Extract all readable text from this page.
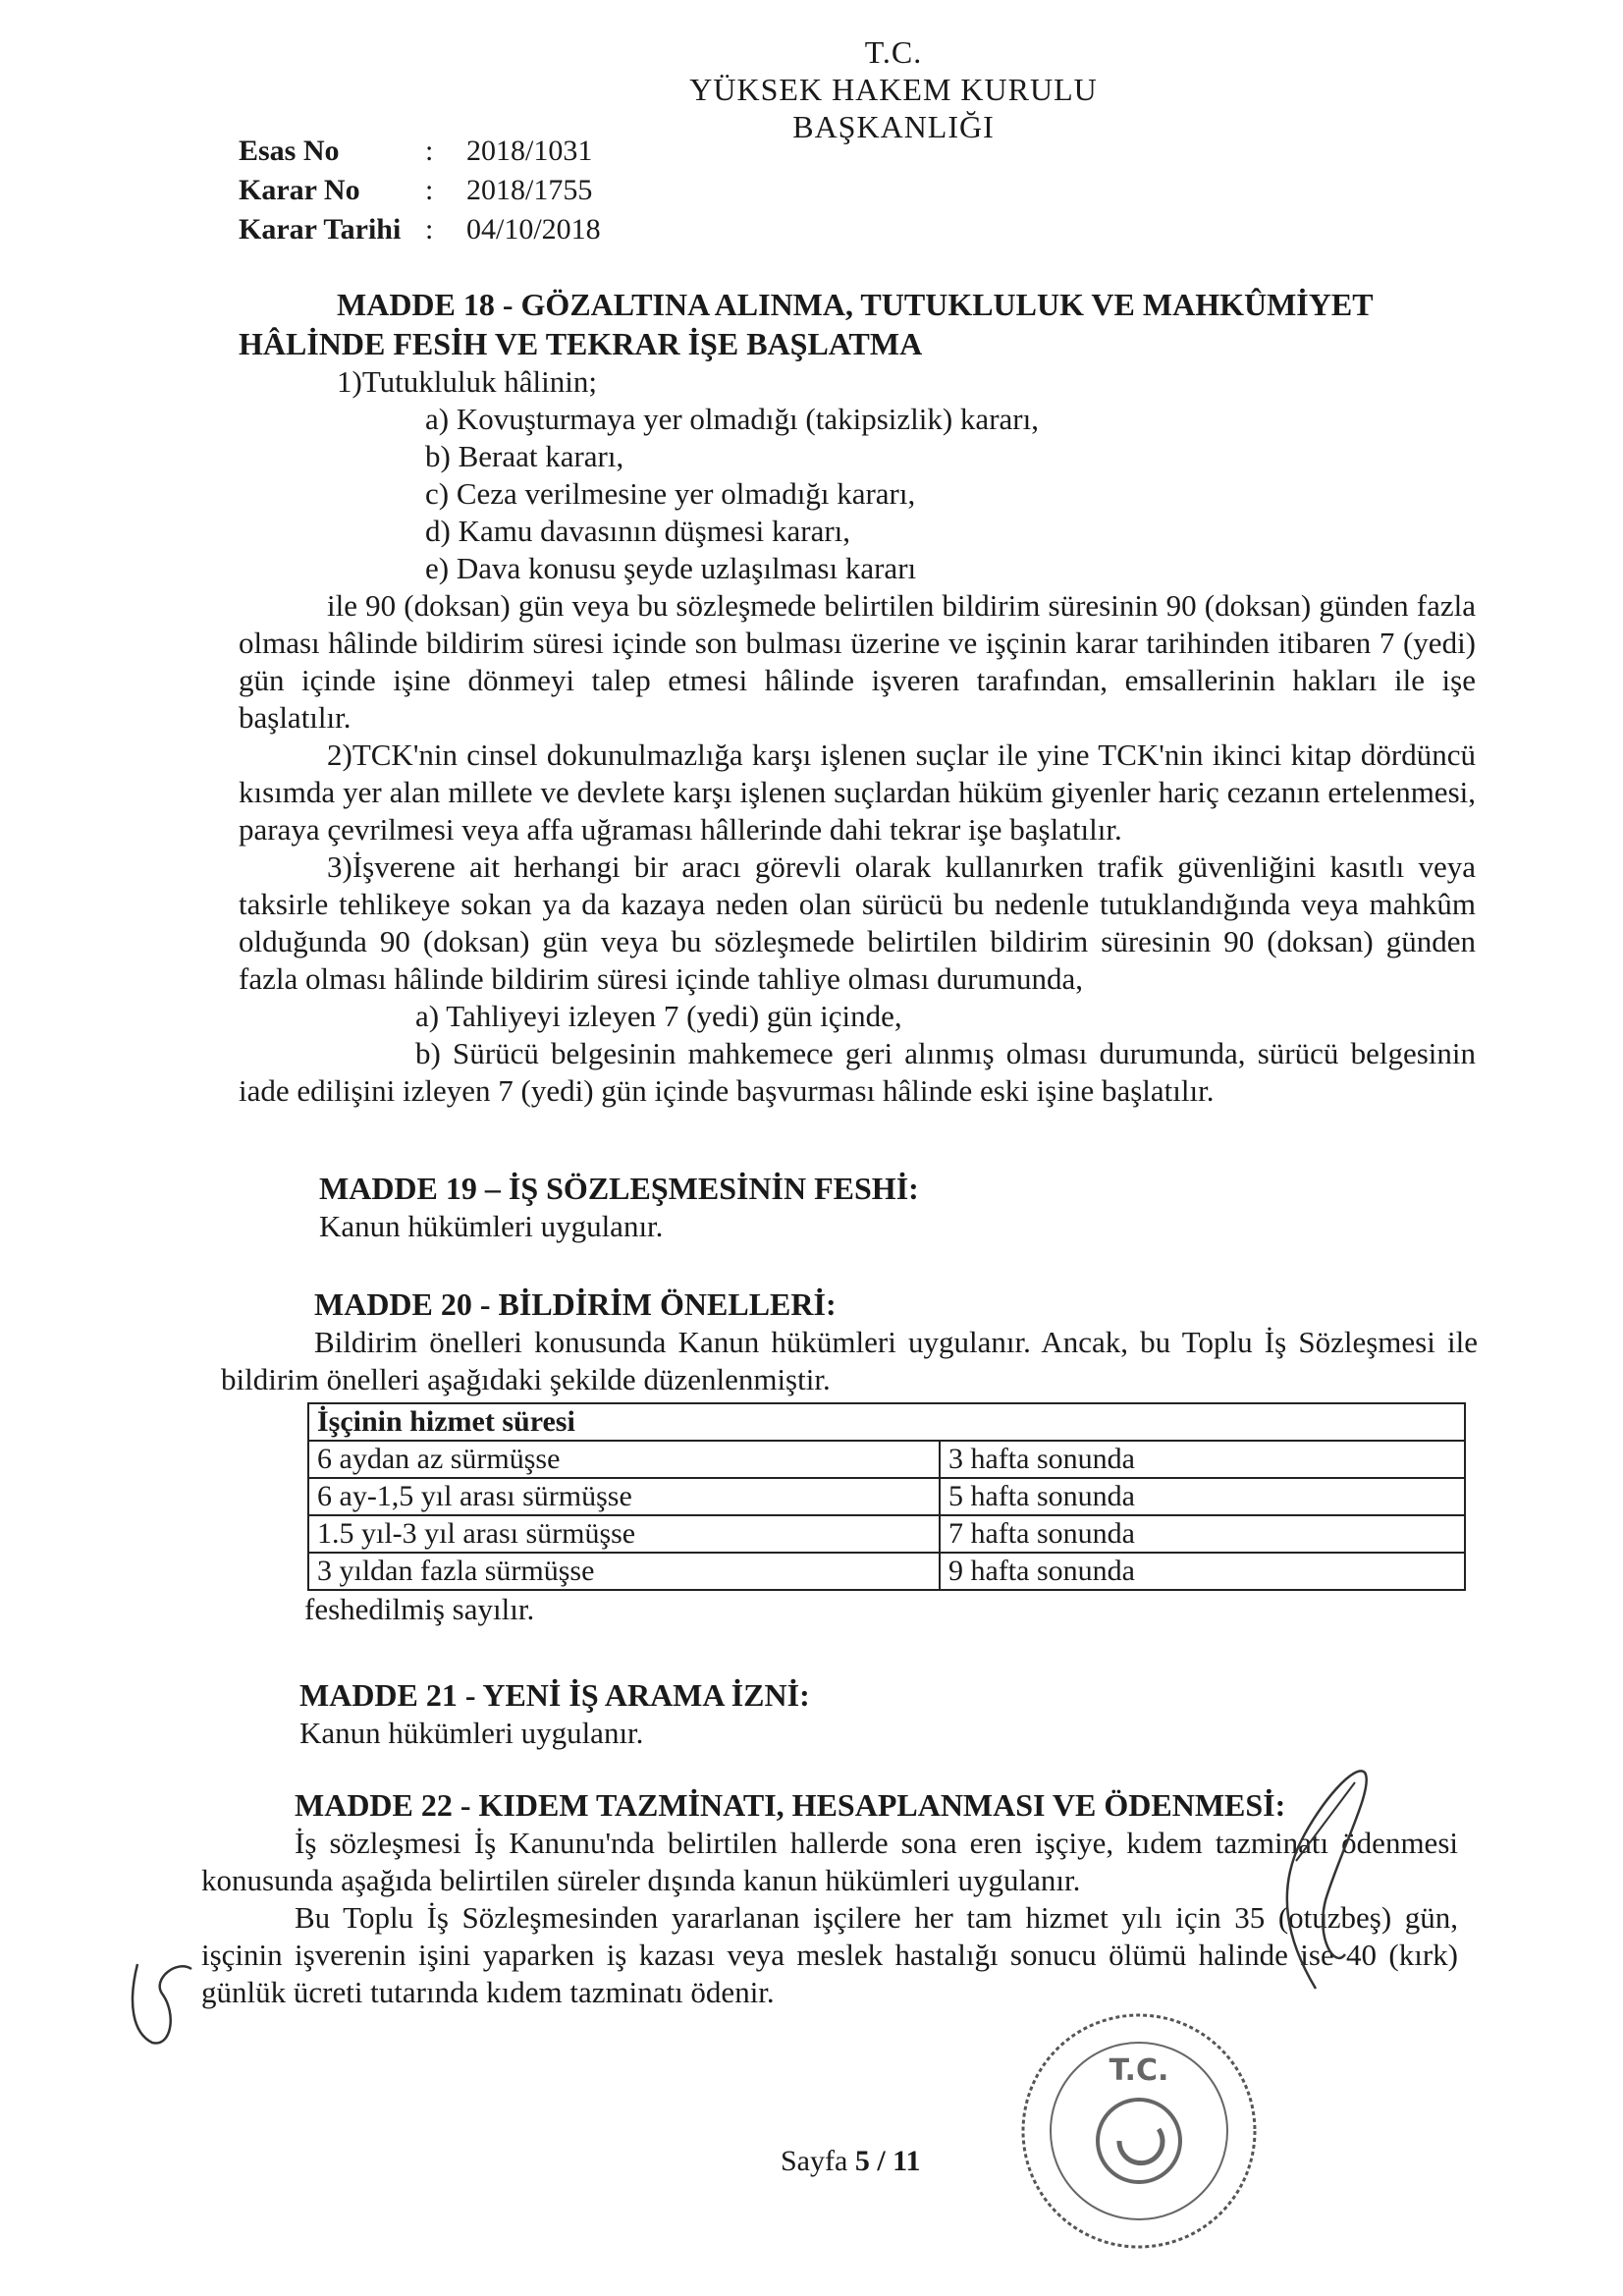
T.C.
YÜKSEK HAKEM KURULU
BAŞKANLIĞI
Esas No	: 2018/1031
Karar No : 2018/1755
Karar Tarihi : 04/10/2018
MADDE 18 - GÖZALTINA ALINMA, TUTUKLULUK VE MAHKÛMİYET
HÂLİNDE FESİH VE TEKRAR İŞE BAŞLATMA
1)Tutukluluk hâlinin;
a) Kovuşturmaya yer olmadığı (takipsizlik) kararı,
b) Beraat kararı,
c) Ceza verilmesine yer olmadığı kararı,
d) Kamu davasının düşmesi kararı,
e) Dava konusu şeyde uzlaşılması kararı
ile 90 (doksan) gün veya bu sözleşmede belirtilen bildirim süresinin 90 (doksan) günden fazla olması hâlinde bildirim süresi içinde son bulması üzerine ve işçinin karar tarihinden itibaren 7 (yedi) gün içinde işine dönmeyi talep etmesi hâlinde işveren tarafından, emsallerinin hakları ile işe başlatılır.
2)TCK'nin cinsel dokunulmazlığa karşı işlenen suçlar ile yine TCK'nin ikinci kitap dördüncü kısımda yer alan millete ve devlete karşı işlenen suçlardan hüküm giyenler hariç cezanın ertelenmesi, paraya çevrilmesi veya affa uğraması hâllerinde dahi tekrar işe başlatılır.
3)İşverene ait herhangi bir aracı görevli olarak kullanırken trafik güvenliğini kasıtlı veya taksirle tehlikeye sokan ya da kazaya neden olan sürücü bu nedenle tutuklandığında veya mahkûm olduğunda 90 (doksan) gün veya bu sözleşmede belirtilen bildirim süresinin 90 (doksan) günden fazla olması hâlinde bildirim süresi içinde tahliye olması durumunda,
a) Tahliyeyi izleyen 7 (yedi) gün içinde,
b) Sürücü belgesinin mahkemece geri alınmış olması durumunda, sürücü belgesinin iade edilişini izleyen 7 (yedi) gün içinde başvurması hâlinde eski işine başlatılır.
MADDE 19 – İŞ SÖZLEŞMESİNİN FESHİ:
Kanun hükümleri uygulanır.
MADDE 20 - BİLDİRİM ÖNELLERİ:
Bildirim önelleri konusunda Kanun hükümleri uygulanır. Ancak, bu Toplu İş Sözleşmesi ile bildirim önelleri aşağıdaki şekilde düzenlenmiştir.
İşçinin hizmet süresi	
6 aydan az sürmüşse	3 hafta sonunda
6 ay-1,5 yıl arası sürmüşse	5 hafta sonunda
1.5 yıl-3 yıl arası sürmüşse	7 hafta sonunda
3 yıldan fazla sürmüşse	9 hafta sonunda
feshedilmiş sayılır.
MADDE 21 - YENİ İŞ ARAMA İZNİ:
Kanun hükümleri uygulanır.
MADDE 22 - KIDEM TAZMİNATI, HESAPLANMASI VE ÖDENMESİ:
İş sözleşmesi İş Kanunu'nda belirtilen hallerde sona eren işçiye, kıdem tazminatı ödenmesi konusunda aşağıda belirtilen süreler dışında kanun hükümleri uygulanır.
Bu Toplu İş Sözleşmesinden yararlanan işçilere her tam hizmet yılı için 35 (otuzbeş) gün, işçinin işverenin işini yaparken iş kazası veya meslek hastalığı sonucu ölümü halinde ise 40 (kırk) günlük ücreti tutarında kıdem tazminatı ödenir.
T.C.
Sayfa 5 / 11
